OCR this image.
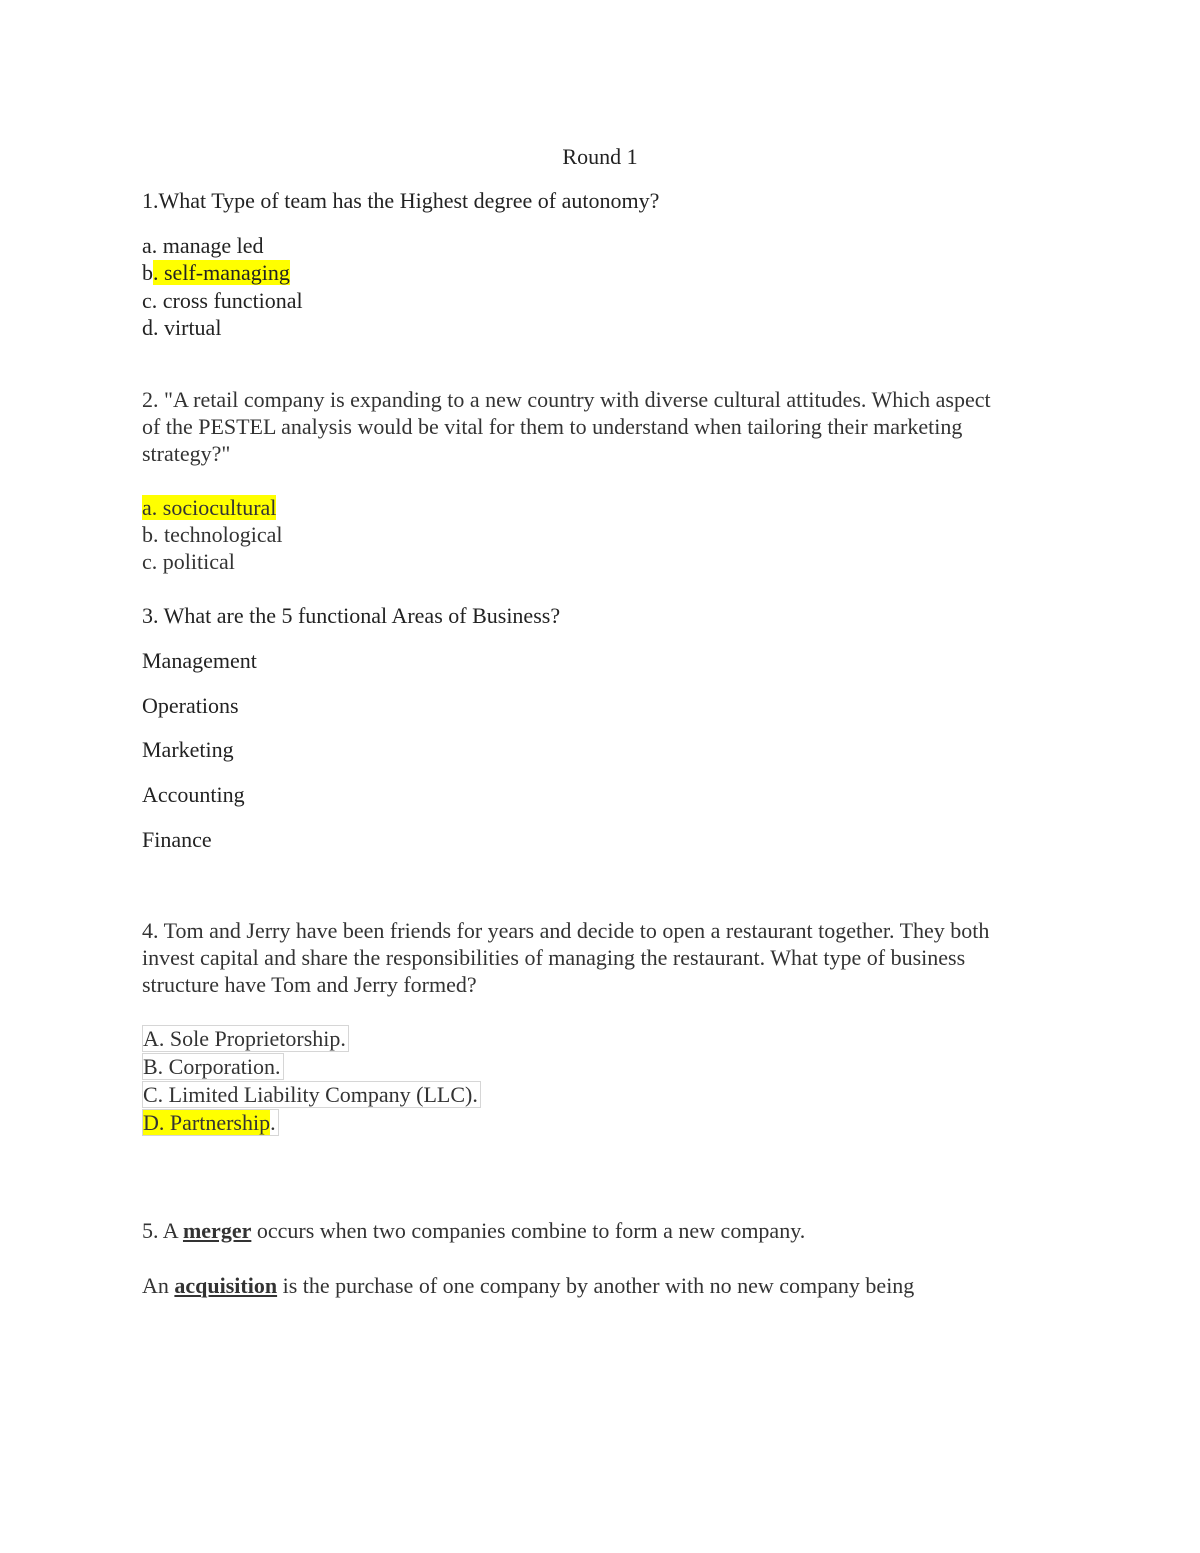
Round 1
1.What Type of team has the Highest degree of autonomy?
a. manage led
b. self-managing
c. cross functional
d. virtual
2. "A retail company is expanding to a new country with diverse cultural attitudes. Which aspect
of the PESTEL analysis would be vital for them to understand when tailoring their marketing
strategy?"
a. sociocultural
b. technological
c. political
3. What are the 5 functional Areas of Business?
Management
Operations
Marketing
Accounting
Finance
4. Tom and Jerry have been friends for years and decide to open a restaurant together. They both
invest capital and share the responsibilities of managing the restaurant. What type of business
structure have Tom and Jerry formed?
A. Sole Proprietorship.
B. Corporation.
C. Limited Liability Company (LLC).
D. Partnership.
5. A merger occurs when two companies combine to form a new company.
An acquisition is the purchase of one company by another with no new company being
